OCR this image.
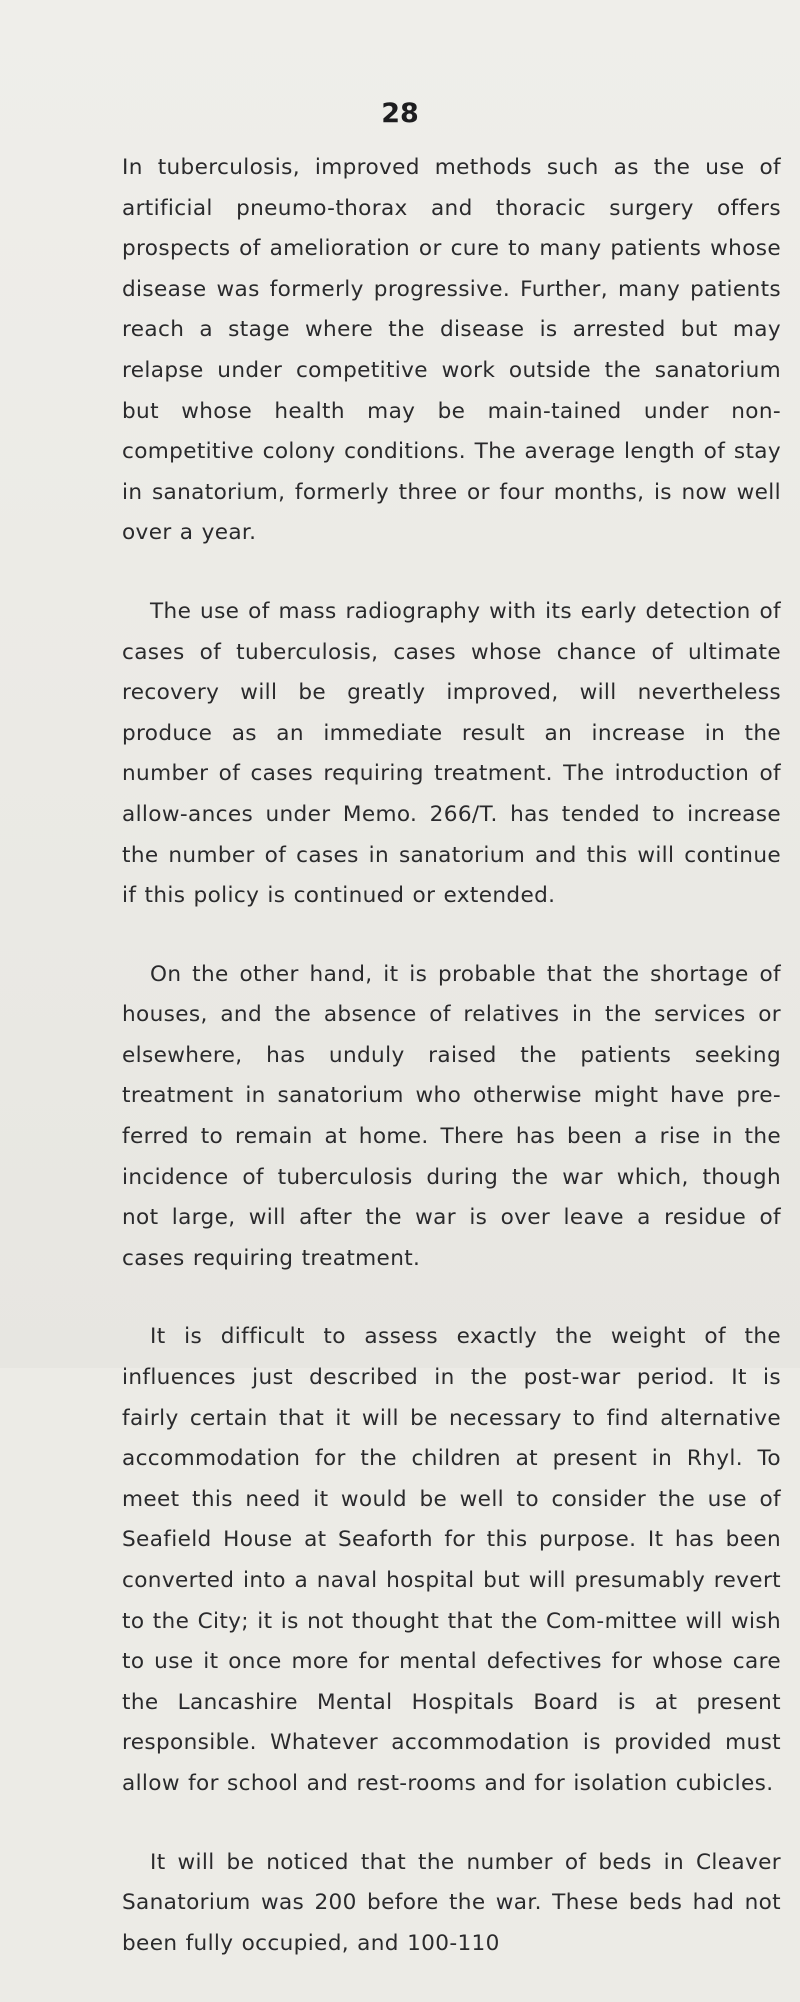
28

In tuberculosis, improved methods such as the use of artificial pneumo-thorax and thoracic surgery offers prospects of amelioration or cure to many patients whose disease was formerly progressive. Further, many patients reach a stage where the disease is arrested but may relapse under competitive work outside the sanatorium but whose health may be main-tained under non-competitive colony conditions. The average length of stay in sanatorium, formerly three or four months, is now well over a year.

The use of mass radiography with its early detection of cases of tuberculosis, cases whose chance of ultimate recovery will be greatly improved, will nevertheless produce as an immediate result an increase in the number of cases requiring treatment. The introduction of allow-ances under Memo. 266/T. has tended to increase the number of cases in sanatorium and this will continue if this policy is continued or extended.

On the other hand, it is probable that the shortage of houses, and the absence of relatives in the services or elsewhere, has unduly raised the patients seeking treatment in sanatorium who otherwise might have pre-ferred to remain at home. There has been a rise in the incidence of tuberculosis during the war which, though not large, will after the war is over leave a residue of cases requiring treatment.

It is difficult to assess exactly the weight of the influences just described in the post-war period. It is fairly certain that it will be necessary to find alternative accommodation for the children at present in Rhyl. To meet this need it would be well to consider the use of Seafield House at Seaforth for this purpose. It has been converted into a naval hospital but will presumably revert to the City; it is not thought that the Com-mittee will wish to use it once more for mental defectives for whose care the Lancashire Mental Hospitals Board is at present responsible. Whatever accommodation is provided must allow for school and rest-rooms and for isolation cubicles.

It will be noticed that the number of beds in Cleaver Sanatorium was 200 before the war. These beds had not been fully occupied, and 100-110
